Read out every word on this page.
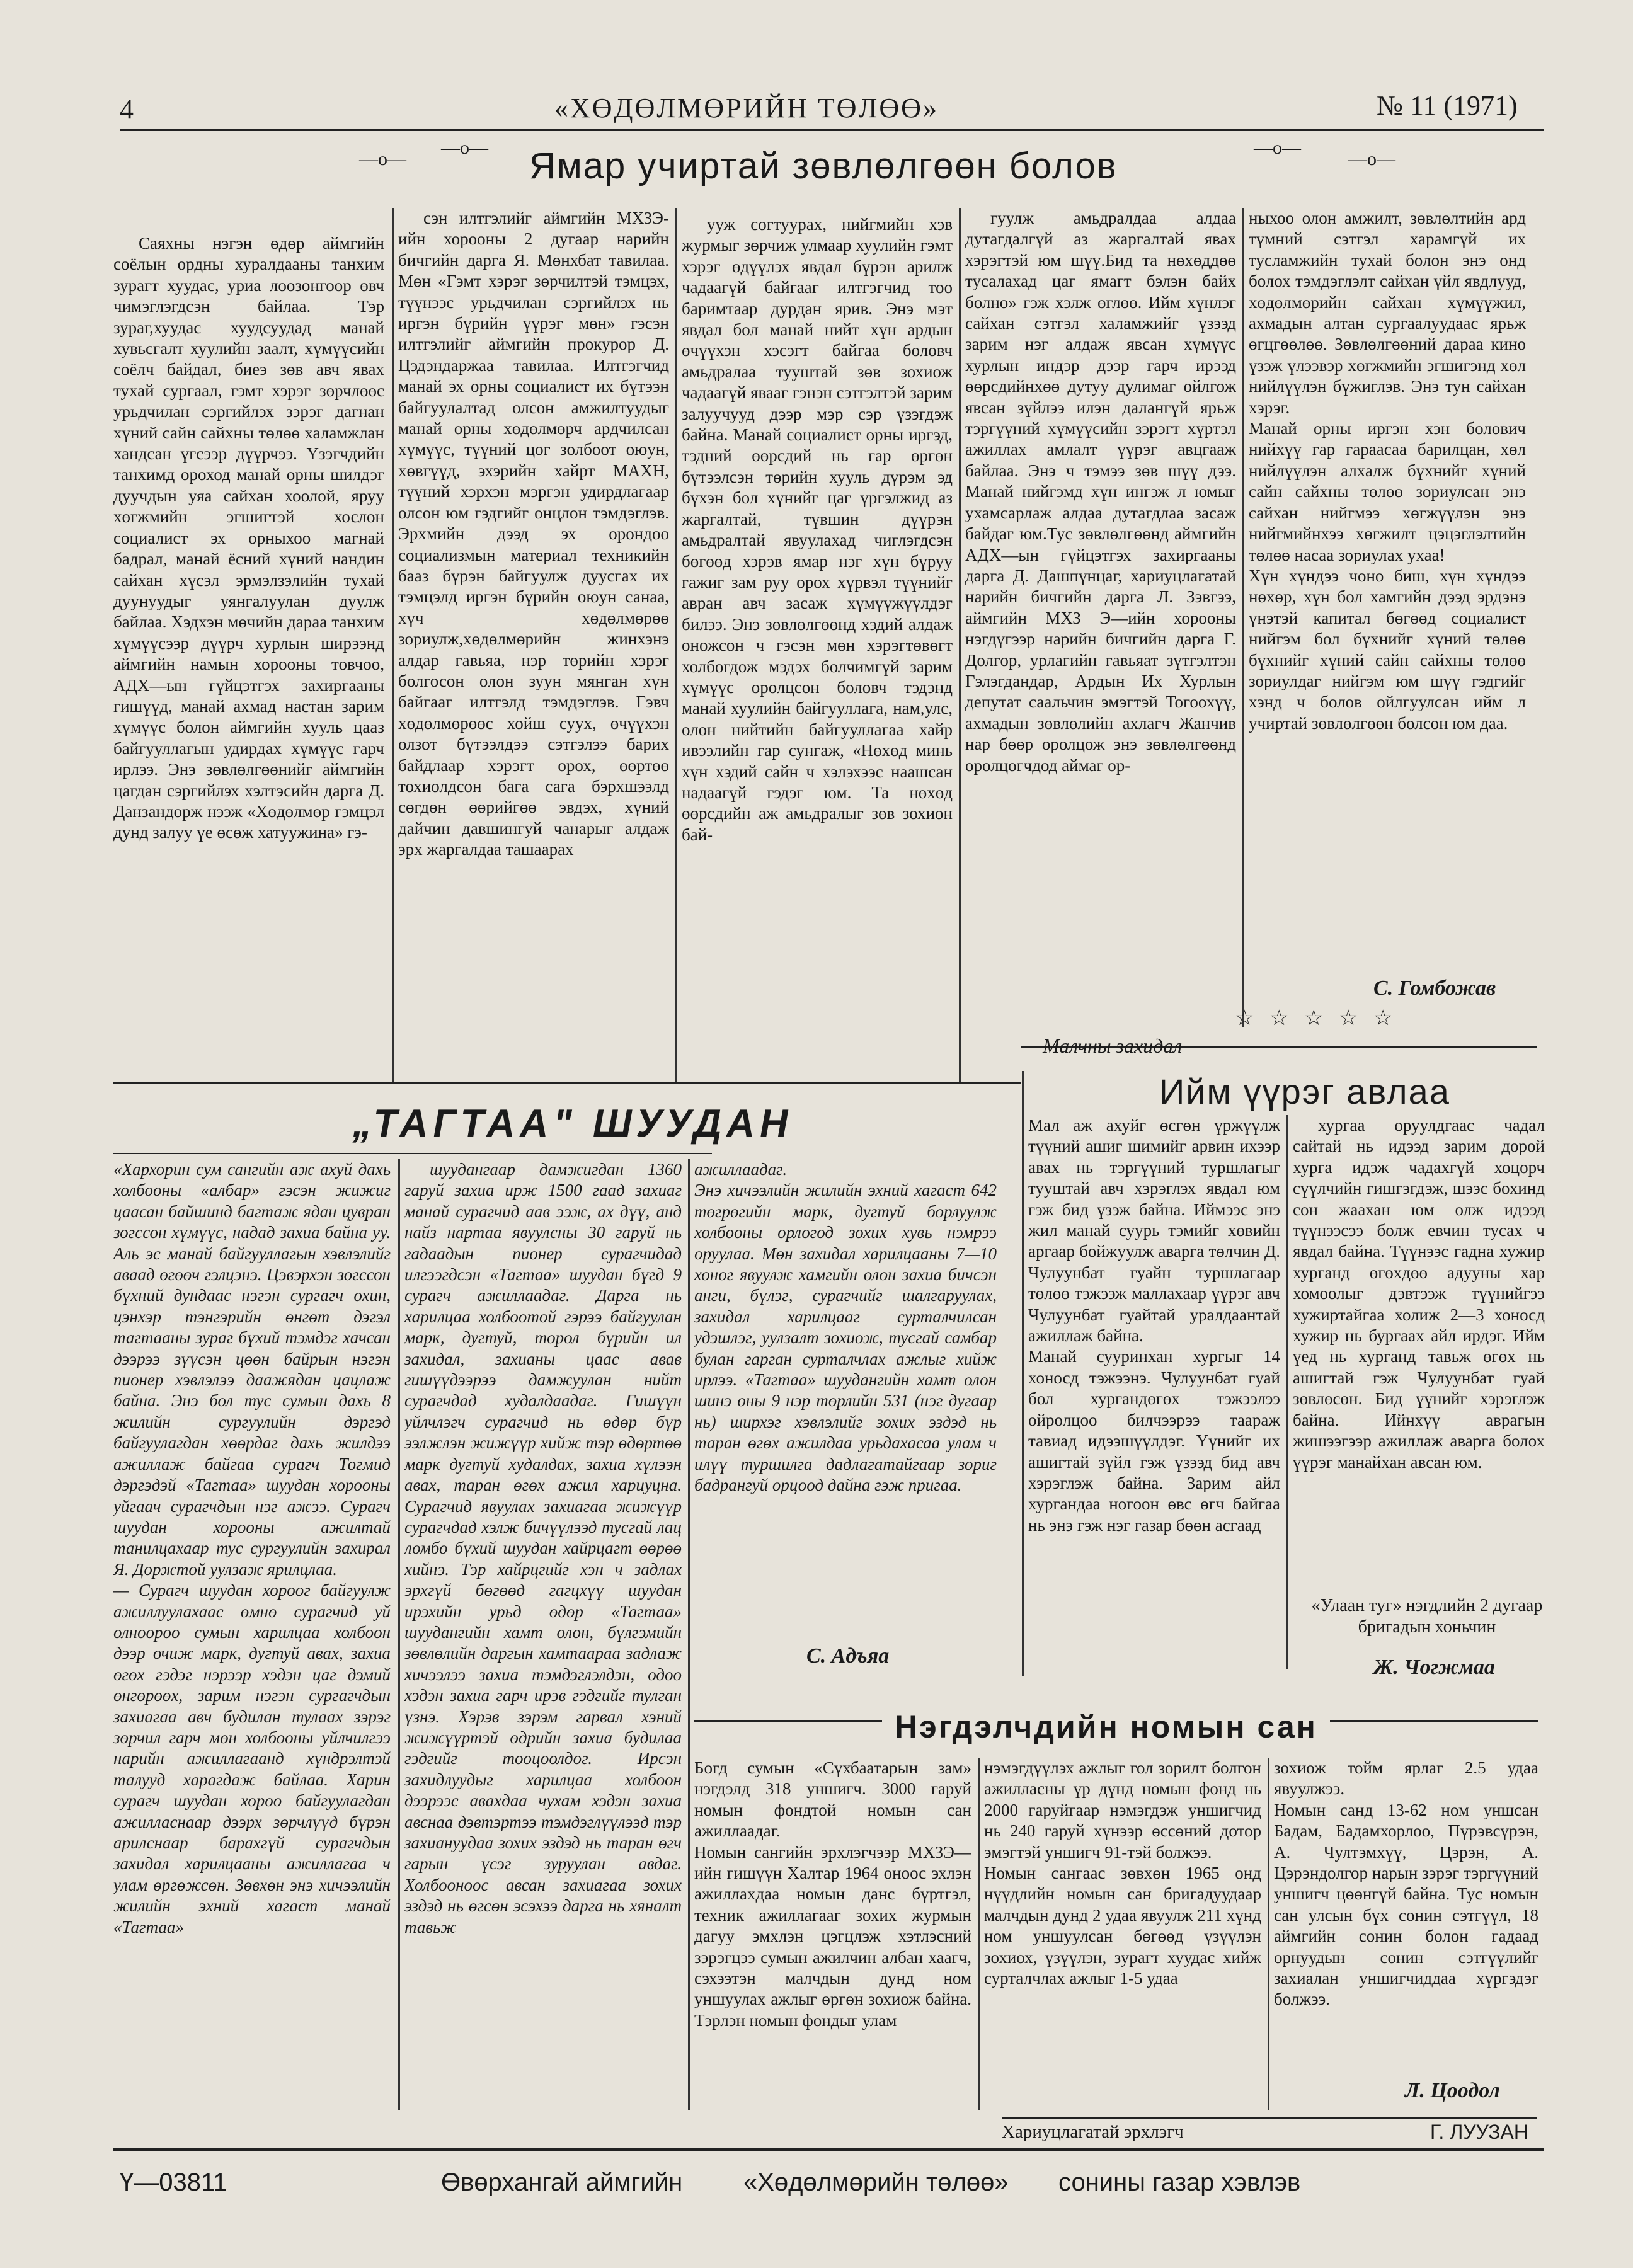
4	«ХӨДӨЛМӨРИЙН ТӨЛӨӨ»	№ 11 (1971)
—о—
—о— Ямар учиртай зөвлөлгөөн болов	—о—
—о—

Саяхны нэгэн өдөр аймгийн соёлын ордны хуралдааны танхим зурагт хуудас, уриа лоозонгоор өвч чимэглэгдсэн байлаа. Тэр зураг,хуудас хуудсуудад манай хувьсгалт хуулийн заалт, хүмүүсийн соёлч байдал, биеэ зөв авч явах тухай сургаал, гэмт хэрэг зөрчлөөс урьдчилан сэргийлэх зэрэг дагнан хүний сайн сайхны төлөө халамжлан хандсан үгсээр дүүрчээ. Үзэгчдийн танхимд ороход манай орны шилдэг дуучдын уяа сайхан хоолой, яруу хөгжмийн эгшигтэй хослон социалист эх орныхоо магнай бадрал, манай ёсний хүний нандин сайхан хүсэл эрмэлзэлийн тухай дуунуудыг уянгалуулан дуулж байлаа. Хэдхэн мөчийн дараа танхим хүмүүсээр дүүрч хурлын ширээнд аймгийн намын хорооны товчоо, АДХ—ын гүйцэтгэх захиргааны гишүүд, манай ахмад настан зарим хүмүүс болон аймгийн хууль цааз байгууллагын удирдах хүмүүс гарч ирлээ. Энэ зөвлөлгөөнийг аймгийн цагдан сэргийлэх хэлтэсийн дарга Д. Данзандорж нээж «Хөдөлмөр гэмцэл дунд залуу үе өсөж хатуужина» гэ-

сэн илтгэлийг аймгийн МХЗЭ-ийн хорооны 2 дугаар нарийн бичгийн дарга Я. Мөнхбат тавилаа. Мөн «Гэмт хэрэг зөрчилтэй тэмцэх, түүнээс урьдчилан сэргийлэх нь иргэн бүрийн үүрэг мөн» гэсэн илтгэлийг аймгийн прокурор Д. Цэдэндаржаа тавилаа. Илтгэгчид манай эх орны социалист их бүтээн байгуулалтад олсон амжилтуудыг манай орны хөдөлмөрч ардчилсан хүмүүс, түүний цог золбоот оюун, хөвгүүд, эхэрийн хайрт МАХН, түүний хэрхэн мэргэн удирдлагаар олсон юм гэдгийг онцлон тэмдэглэв. Эрхмийн дээд эх орондоо социализмын материал техникийн бааз бүрэн байгуулж дуусгах их тэмцэлд иргэн бүрийн оюун санаа, хүч хөдөлмөрөө зориулж,хөдөлмөрийн жинхэнэ алдар гавьяа, нэр төрийн хэрэг болгосон олон зуун мянган хүн байгааг илтгэлд тэмдэглэв. Гэвч хөдөлмөрөөс хойш суух, өчүүхэн олзот бүтээлдээ сэтгэлээ барих байдлаар хэрэгт орох, өөртөө тохиолдсон бага сага бэрхшээлд сөгдөн өөрийгөө эвдэх, хүний дайчин давшингуй чанарыг алдаж эрх жаргалдаа ташаарах

ууж согтуурах, нийгмийн хэв журмыг зөрчиж улмаар хуулийн гэмт хэрэг өдүүлэх явдал бүрэн арилж чадаагүй байгааг илтгэгчид тоо баримтаар дурдан ярив. Энэ мэт явдал бол манай нийт хүн ардын өчүүхэн хэсэгт байгаа боловч амьдралаа тууштай зөв зохиож чадаагүй явааг гэнэн сэтгэлтэй зарим залуучууд дээр мэр сэр үзэгдэж байна. Манай социалист орны иргэд, тэдний өөрсдий нь гар өргөн бүтээлсэн төрийн хууль дүрэм эд бүхэн бол хүнийг цаг үргэлжид аз жаргалтай, түвшин дүүрэн амьдралтай явуулахад чиглэгдсэн бөгөөд хэрэв ямар нэг хүн бүруу гажиг зам руу орох хүрвэл түүнийг авран авч засаж хүмүүжүүлдэг билээ. Энэ зөвлөлгөөнд хэдий алдаж оножсон ч гэсэн мөн хэрэгтөвөгт холбогдож мэдэх болчимгүй зарим хүмүүс оролцсон боловч тэдэнд манай хуулийн байгууллага, нам,улс, олон нийтийн байгууллагаа хайр ивээлийн гар сунгаж, «Нөхөд минь хүн хэдий сайн ч хэлэхээс наашсан надаагүй гэдэг юм. Та нөхөд өөрсдийн аж амьдралыг зөв зохион бай-

гуулж амьдралдаа алдаа дутагдалгүй аз жаргалтай явах хэрэгтэй юм шүү.Бид та нөхөддөө тусалахад цаг ямагт бэлэн байх болно» гэж хэлж өглөө. Ийм хүнлэг сайхан сэтгэл халамжийг үзээд зарим нэг алдаж явсан хүмүүс хурлын индэр дээр гарч ирээд өөрсдийнхөө дутуу дулимаг ойлгож явсан зүйлээ илэн далангүй ярьж тэргүүний хүмүүсийн зэрэгт хүртэл ажиллах амлалт үүрэг авцгааж байлаа. Энэ ч тэмээ зөв шүү дээ. Манай нийгэмд хүн ингэж л юмыг ухамсарлаж алдаа дутагдлаа засаж байдаг юм.Тус зөвлөлгөөнд аймгийн АДХ—ын гүйцэтгэх захиргааны дарга Д. Дашпүнцаг, хариуцлагатай нарийн бичгийн дарга Л. Зэвгээ, аймгийн МХЗ Э—ийн хорооны нэгдүгээр нарийн бичгийн дарга Г. Долгор, урлагийн гавьяат зүтгэлтэн Гэлэгдандар, Ардын Их Хурлын депутат саальчин эмэгтэй Тогоохүү, ахмадын зөвлөлийн ахлагч Жанчив нар бөөр оролцож энэ зөвлөлгөөнд оролцогчдод аймаг ор-

ныхоо олон амжилт, зөвлөлтийн ард түмний сэтгэл харамгүй их тусламжийн тухай болон энэ онд болох тэмдэглэлт сайхан үйл явдлууд, хөдөлмөрийн сайхан хүмүүжил, ахмадын алтан сургаалуудаас ярьж өгцгөөлөө. Зөвлөлгөөний дараа кино үзэж үлээвэр хөгжмийн эгшигэнд хөл нийлүүлэн бүжиглэв. Энэ тун сайхан хэрэг.
Манай орны иргэн хэн болович нийхүү гар гараасаа барилцан, хөл нийлүүлэн алхалж бүхнийг хүний сайн сайхны төлөө зориулсан энэ сайхан нийгмээ хөгжүүлэн энэ нийгмийнхээ хөгжилт цэцэглэлтийн төлөө насаа зориулах ухаа!
Хүн хүндээ чоно биш, хүн хүндээ нөхөр, хүн бол хамгийн дээд эрдэнэ үнэтэй капитал бөгөөд социалист нийгэм бол бүхнийг хүний төлөө бүхнийг хүний сайн сайхны төлөө зориулдаг нийгэм юм шүү гэдгийг хэнд ч болов ойлгуулсан ийм л учиртай зөвлөлгөөн болсон юм даа.
С. Гомбожав
☆ ☆ ☆ ☆ ☆
„ТАГТАА" ШУУДАН
«Хархорин сум сангийн аж ахуй дахь холбооны «албар» гэсэн жижиг цаасан байшинд багтаж ядан цувран зогссон хүмүүс, надад захиа байна уу. Аль эс манай байгууллагын хэвлэлийг аваад өгөөч гэлцэнэ. Цэвэрхэн зогссон бүхний дундаас нэгэн сургагч охин, цэнхэр тэнгэрийн өнгөт дэгэл тагтааны зураг бүхий тэмдэг хачсан дээрээ зүүсэн цөөн байрын нэгэн пионер хэвлэлээ даажядан цацлаж байна. Энэ бол тус сумын дахь 8 жилийн сургуулийн дэргэд байгуулагдан хөөрдаг дахь жилдээ ажиллаж байгаа сурагч Тогмид дэргэдэй «Тагтаа» шуудан хорооны уйгаач сурагчдын нэг ажээ. Сурагч шуудан хорооны ажилтай танилцахаар тус сургуулийн захирал Я. Доржтой уулзаж ярилцлаа.
— Сурагч шуудан хороог байгуулж ажиллуулахаас өмнө сурагчид уй олноороо сумын харилцаа холбоон дээр очиж марк, дугтуй авах, захиа өгөх гэдэг нэрээр хэдэн цаг дэмий өнгөрөөх, зарим нэгэн сургагчдын захиагаа авч будилан тулаах зэрэг зөрчил гарч мөн холбооны уйлчилгээ нарийн ажиллагаанд хүндрэлтэй талууд харагдаж байлаа. Харин сурагч шуудан хороо байгуулагдан ажилласнаар дээрх зөрчлүүд бүрэн арилснаар барахгүй сурагчдын захидал харилцааны ажиллагаа ч улам өргөжсөн. Зөвхөн энэ хичээлийн жилийн эхний хагаст манай «Тагтаа»

шуудангаар дамжигдан 1360 гаруй захиа ирж 1500 гаад захиаг манай сурагчид аав ээж, ах дүү, анд найз нартаа явуулсны 30 гаруй нь гадаадын пионер сурагчидад илгээгдсэн «Тагтаа» шуудан бүгд 9 сурагч ажиллаадаг. Дарга нь харилцаа холбоотой гэрээ байгуулан марк, дугтуй, торол бүрийн ил захидал, захианы цаас авав гишүүдээрээ дамжуулан нийт сурагчдад худалдаадаг. Гишүүн уйлчлэгч сурагчид нь өдөр бүр ээлжлэн жижүүр хийж тэр өдөртөө марк дугтуй худалдах, захиа хүлээн авах, таран өгөх ажил хариуцна. Сурагчид явуулах захиагаа жижүүр сурагчдад хэлж бичүүлээд тусгай лац ломбо бүхий шуудан хайрцагт өөрөө хийнэ. Тэр хайрцгийг хэн ч задлах эрхгүй бөгөөд гагцхүү шуудан ирэхийн урьд өдөр «Тагтаа» шуудангийн хамт олон, бүлгэмийн зөвлөлийн даргын хамтаараа задлаж хичээлээ захиа тэмдэглэлдэн, одоо хэдэн захиа гарч ирэв гэдгийг тулган үзнэ. Хэрэв зэрэм гарвал хэний жижүүртэй өдрийн захиа будилаа гэдгийг тооцоолдог. Ирсэн захидлуудыг харилцаа холбоон дээрээс авахдаа чухам хэдэн захиа авснаа дэвтэртээ тэмдэглүүлээд тэр захиануудаа зохих эздэд нь таран өгч гарын үсэг зуруулан авдаг. Холбооноос авсан захиагаа зохих эздэд нь өгсөн эсэхээ дарга нь хяналт тавьж

ажиллаадаг.
Энэ хичээлийн жилийн эхний хагаст 642 төгрөгийн марк, дугтуй борлуулж холбооны орлогод зохих хувь нэмрээ оруулаа. Мөн захидал харилцааны 7—10 хоног явуулж хамгийн олон захиа бичсэн анги, бүлэг, сурагчийг шалгаруулах, захидал харилцааг сурталчилсан удэшлэг, уулзалт зохиож, тусгай самбар булан гарган сурталчлах ажлыг хийж ирлээ. «Тагтаа» шуудангийн хамт олон шинэ оны 9 нэр төрлийн 531 (нэг дугаар нь) ширхэг хэвлэлийг зохих эздэд нь таран өгөх ажилдаа урьдахасаа улам ч илүү туршилга дадлагатайгаар зориг бадрангуй орцоод дайна гэж пригаа.
С. Адъяа
Малчны захидал
Ийм үүрэг авлаа
Мал аж ахуйг өсгөн үржүүлж түүний ашиг шимийг арвин ихээр авах нь тэргүүний туршлагыг тууштай авч хэрэглэх явдал юм гэж бид үзэж байна. Иймээс энэ жил манай суурь тэмийг хөвийн аргаар бойжуулж аварга төлчин Д. Чулуунбат гуайн туршлагаар төлөө тэжээж маллахаар үүрэг авч Чулуунбат гуайтай уралдаантай ажиллаж байна.
Манай сууринхан хургыг 14 хоносд тэжээнэ. Чулуунбат гуай бол хургандөгөх тэжээлээ ойролцоо билчээрээ таараж тавиад идээшүүлдэг. Үүнийг их ашигтай зүйл гэж үзээд бид авч хэрэглэж байна. Зарим айл хургандаа ногоон өвс өгч байгаа нь энэ гэж нэг газар бөөн асгаад

хургаа оруулдгаас чадал сайтай нь идээд зарим дорой хурга идэж чадахгүй хоцорч сүүлчийн гишгэгдэж, шээс бохинд сон жаахан юм олж идээд түүнээсээ болж евчин тусах ч явдал байна. Түүнээс гадна хужир хурганд өгөхдөө адууны хар хомоолыг дэвтээж түүнийгээ хужиртайгаа холиж 2—3 хоносд хужир нь бургаах айл ирдэг. Ийм үед нь хурганд тавьж өгөх нь ашигтай гэж Чулуунбат гуай зөвлөсөн. Бид үүнийг хэрэглэж байна. Ийнхүү аврагын жишээгээр ажиллаж аварга болох үүрэг манайхан авсан юм.

«Улаан туг» нэгдлийн 2 дугаар бригадын хоньчин
Ж. Чогжмаа
Нэгдэлчдийн номын сан
Богд сумын «Сүхбаатарын зам» нэгдэлд 318 уншигч. 3000 гаруй номын фондтой номын сан ажиллаадаг.
Номын сангийн эрхлэгчээр МХЗЭ—ийн гишүүн Халтар 1964 оноос эхлэн ажиллахдаа номын данс бүртгэл, техник ажиллагааг зохих журмын дагуу эмхлэн цэгцлэж хэтлэсний зэрэгцээ сумын ажилчин албан хаагч, сэхээтэн малчдын дунд ном уншуулах ажлыг өргөн зохиож байна. Тэрлэн номын фондыг улам
нэмэгдүүлэх ажлыг гол зорилт болгон ажилласны үр дүнд номын фонд нь 2000 гаруйгаар нэмэгдэж уншигчид нь 240 гаруй хүнээр өссөний дотор эмэгтэй уншигч 91-тэй болжээ.
Номын сангаас зөвхөн 1965 онд нүүдлийн номын сан бригадуудаар малчдын дунд 2 удаа явуулж 211 хүнд ном уншуулсан бөгөөд үзүүлэн зохиох, үзүүлэн, зурагт хуудас хийж сурталчлах ажлыг 1-5 удаа
зохиож тойм ярлаг 2.5 удаа явуулжээ.
Номын санд 13-62 ном уншсан Бадам, Бадамхорлоо, Пүрэвсүрэн, А. Чултэмхүү, Цэрэн, А. Цэрэндолгор нарын зэрэг тэргүүний уншигч цөөнгүй байна. Тус номын сан улсын бүх сонин сэтгүүл, 18 аймгийн сонин болон гадаад орнуудын сонин сэтгүүлийг захиалан уншигчиддаа хүргэдэг болжээ.
Л. Цоодол
Хариуцлагатай эрхлэгч	Г. ЛУУЗАН
Ү—03811	Өвөрхангай аймгийн «Хөдөлмөрийн төлөө» сонины газар хэвлэв
